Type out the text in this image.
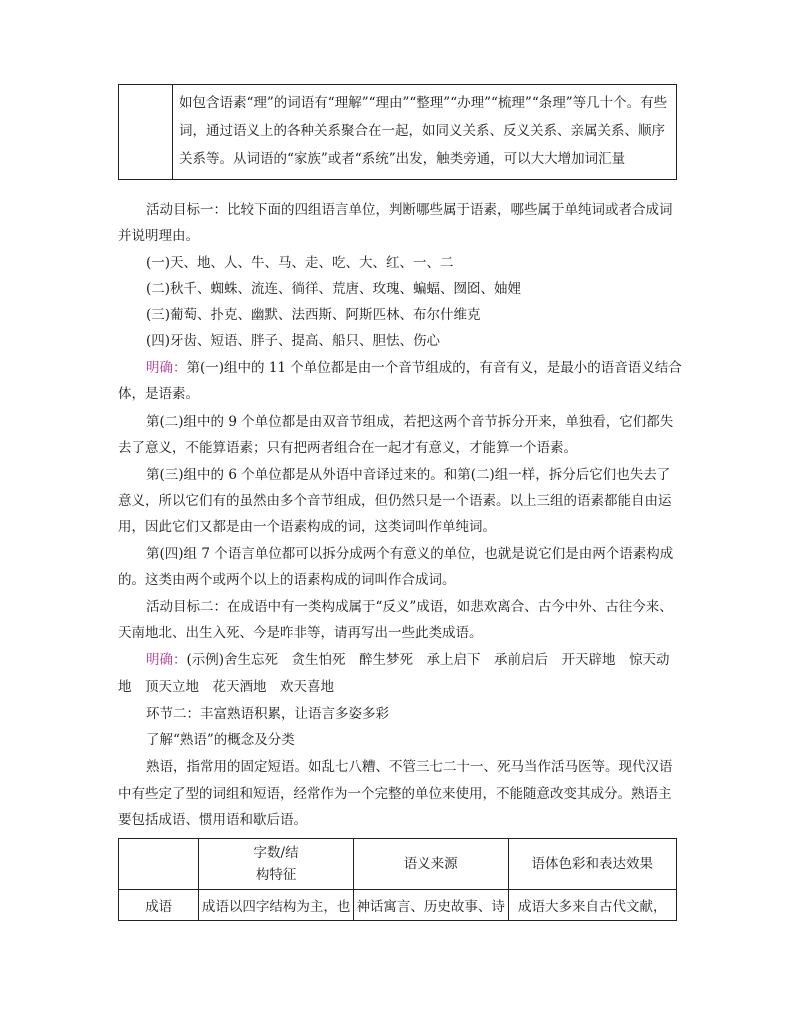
	如包含语素“理”的词语有“理解”“理由”“整理”“办理”“梳理”“条理”等几十个。有些词，通过语义上的各种关系聚合在一起，如同义关系、反义关系、亲属关系、顺序关系等。从词语的“家族”或者“系统”出发，触类旁通，可以大大增加词汇量
活动目标一：比较下面的四组语言单位，判断哪些属于语素，哪些属于单纯词或者合成词
并说明理由。
(一)天、地、人、牛、马、走、吃、大、红、一、二
(二)秋千、蜘蛛、流连、徜徉、荒唐、玫瑰、蝙蝠、囫囵、妯娌
(三)葡萄、扑克、幽默、法西斯、阿斯匹林、布尔什维克
(四)牙齿、短语、胖子、提高、船只、胆怯、伤心
明确：第(一)组中的 11 个单位都是由一个音节组成的，有音有义，是最小的语音语义结合
体，是语素。
第(二)组中的 9 个单位都是由双音节组成，若把这两个音节拆分开来，单独看，它们都失
去了意义，不能算语素；只有把两者组合在一起才有意义，才能算一个语素。
第(三)组中的 6 个单位都是从外语中音译过来的。和第(二)组一样，拆分后它们也失去了
意义，所以它们有的虽然由多个音节组成，但仍然只是一个语素。以上三组的语素都能自由运
用，因此它们又都是由一个语素构成的词，这类词叫作单纯词。
第(四)组 7 个语言单位都可以拆分成两个有意义的单位，也就是说它们是由两个语素构成
的。这类由两个或两个以上的语素构成的词叫作合成词。
活动目标二：在成语中有一类构成属于“反义”成语，如悲欢离合、古今中外、古往今来、
天南地北、出生入死、今是昨非等，请再写出一些此类成语。
明确：(示例)舍生忘死　贪生怕死　醉生梦死　承上启下　承前启后　开天辟地　惊天动
地　顶天立地　花天酒地　欢天喜地
环节二：丰富熟语积累，让语言多姿多彩
了解“熟语”的概念及分类
熟语，指常用的固定短语。如乱七八糟、不管三七二十一、死马当作活马医等。现代汉语
中有些定了型的词组和短语，经常作为一个完整的单位来使用，不能随意改变其成分。熟语主
要包括成语、惯用语和歇后语。

	字数/结
构特征	语义来源	语体色彩和表达效果
成语	成语以四字结构为主，也	神话寓言、历史故事、诗	成语大多来自古代文献，
